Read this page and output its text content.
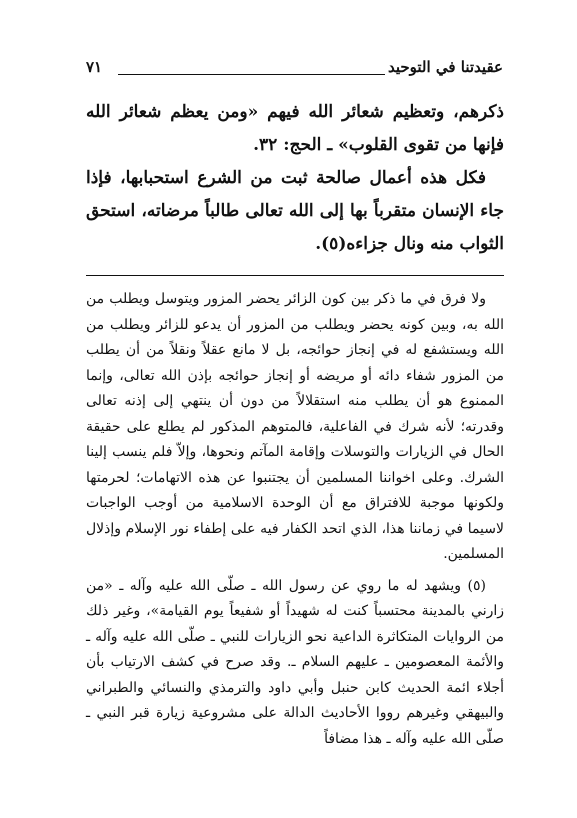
عقيدتنا في التوحيد
٧١

ذكرهم، وتعظيم شعائر الله فيهم «ومن يعظم شعائر الله فإنها من تقوى القلوب» ـ الحج: ٣٢.

فكل هذه أعمال صالحة ثبت من الشرع استحبابها، فإذا جاء الإنسان متقرباً بها إلى الله تعالى طالباً مرضاته، استحق الثواب منه ونال جزاءه(٥).

ولا فرق في ما ذكر بين كون الزائر يحضر المزور ويتوسل ويطلب من الله به، وبين كونه يحضر ويطلب من المزور أن يدعو للزائر ويطلب من الله ويستشفع له في إنجاز حوائجه، بل لا مانع عقلاً ونقلاً من أن يطلب من المزور شفاء دائه أو مريضه أو إنجاز حوائجه بإذن الله تعالى، وإنما الممنوع هو أن يطلب منه استقلالاً من دون أن ينتهي إلى إذنه تعالى وقدرته؛ لأنه شرك في الفاعلية، فالمتوهم المذكور لم يطلع على حقيقة الحال في الزيارات والتوسلات وإقامة المآتم ونحوها، وإلاّ فلم ينسب إلينا الشرك. وعلى اخواننا المسلمين أن يجتنبوا عن هذه الاتهامات؛ لحرمتها ولكونها موجبة للافتراق مع أن الوحدة الاسلامية من أوجب الواجبات لاسيما في زماننا هذا، الذي اتحد الكفار فيه على إطفاء نور الإسلام وإذلال المسلمين.

(٥) ويشهد له ما روي عن رسول الله ـ صلّى الله عليه وآله ـ «من زارني بالمدينة محتسباً كنت له شهيداً أو شفيعاً يوم القيامة»، وغير ذلك من الروايات المتكاثرة الداعية نحو الزيارات للنبي ـ صلّى الله عليه وآله ـ والأئمة المعصومين ـ عليهم السلام ـ. وقد صرح في كشف الارتياب بأن أجلاء ائمة الحديث كابن حنبل وأبي داود والترمذي والنسائي والطبراني والبيهقي وغيرهم رووا الأحاديث الدالة على مشروعية زيارة قبر النبي ـ صلّى الله عليه وآله ـ هذا مضافاً
